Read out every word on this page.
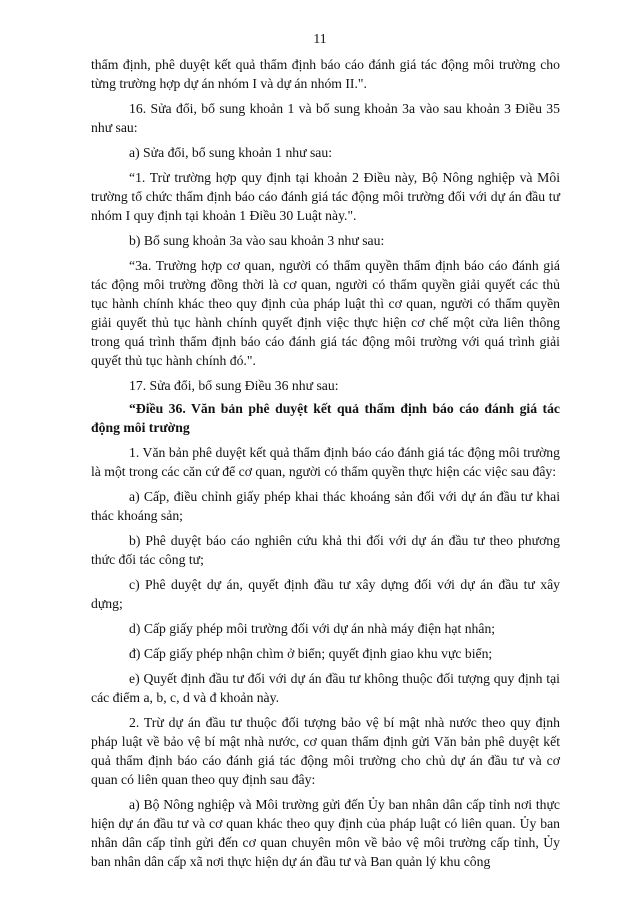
11

thẩm định, phê duyệt kết quả thẩm định báo cáo đánh giá tác động môi trường cho từng trường hợp dự án nhóm I và dự án nhóm II.".

16. Sửa đổi, bổ sung khoản 1 và bổ sung khoản 3a vào sau khoản 3 Điều 35 như sau:

a) Sửa đổi, bổ sung khoản 1 như sau:

“1. Trừ trường hợp quy định tại khoản 2 Điều này, Bộ Nông nghiệp và Môi trường tổ chức thẩm định báo cáo đánh giá tác động môi trường đối với dự án đầu tư nhóm I quy định tại khoản 1 Điều 30 Luật này.".

b) Bổ sung khoản 3a vào sau khoản 3 như sau:

“3a. Trường hợp cơ quan, người có thẩm quyền thẩm định báo cáo đánh giá tác động môi trường đồng thời là cơ quan, người có thẩm quyền giải quyết các thủ tục hành chính khác theo quy định của pháp luật thì cơ quan, người có thẩm quyền giải quyết thủ tục hành chính quyết định việc thực hiện cơ chế một cửa liên thông trong quá trình thẩm định báo cáo đánh giá tác động môi trường với quá trình giải quyết thủ tục hành chính đó.".

17. Sửa đổi, bổ sung Điều 36 như sau:

“Điều 36. Văn bản phê duyệt kết quả thẩm định báo cáo đánh giá tác động môi trường

1. Văn bản phê duyệt kết quả thẩm định báo cáo đánh giá tác động môi trường là một trong các căn cứ để cơ quan, người có thẩm quyền thực hiện các việc sau đây:

a) Cấp, điều chỉnh giấy phép khai thác khoáng sản đối với dự án đầu tư khai thác khoáng sản;

b) Phê duyệt báo cáo nghiên cứu khả thi đối với dự án đầu tư theo phương thức đối tác công tư;

c) Phê duyệt dự án, quyết định đầu tư xây dựng đối với dự án đầu tư xây dựng;

d) Cấp giấy phép môi trường đối với dự án nhà máy điện hạt nhân;

đ) Cấp giấy phép nhận chìm ở biển; quyết định giao khu vực biển;

e) Quyết định đầu tư đối với dự án đầu tư không thuộc đối tượng quy định tại các điểm a, b, c, d và đ khoản này.

2. Trừ dự án đầu tư thuộc đối tượng bảo vệ bí mật nhà nước theo quy định pháp luật về bảo vệ bí mật nhà nước, cơ quan thẩm định gửi Văn bản phê duyệt kết quả thẩm định báo cáo đánh giá tác động môi trường cho chủ dự án đầu tư và cơ quan có liên quan theo quy định sau đây:

a) Bộ Nông nghiệp và Môi trường gửi đến Ủy ban nhân dân cấp tỉnh nơi thực hiện dự án đầu tư và cơ quan khác theo quy định của pháp luật có liên quan. Ủy ban nhân dân cấp tỉnh gửi đến cơ quan chuyên môn về bảo vệ môi trường cấp tỉnh, Ủy ban nhân dân cấp xã nơi thực hiện dự án đầu tư và Ban quản lý khu công
